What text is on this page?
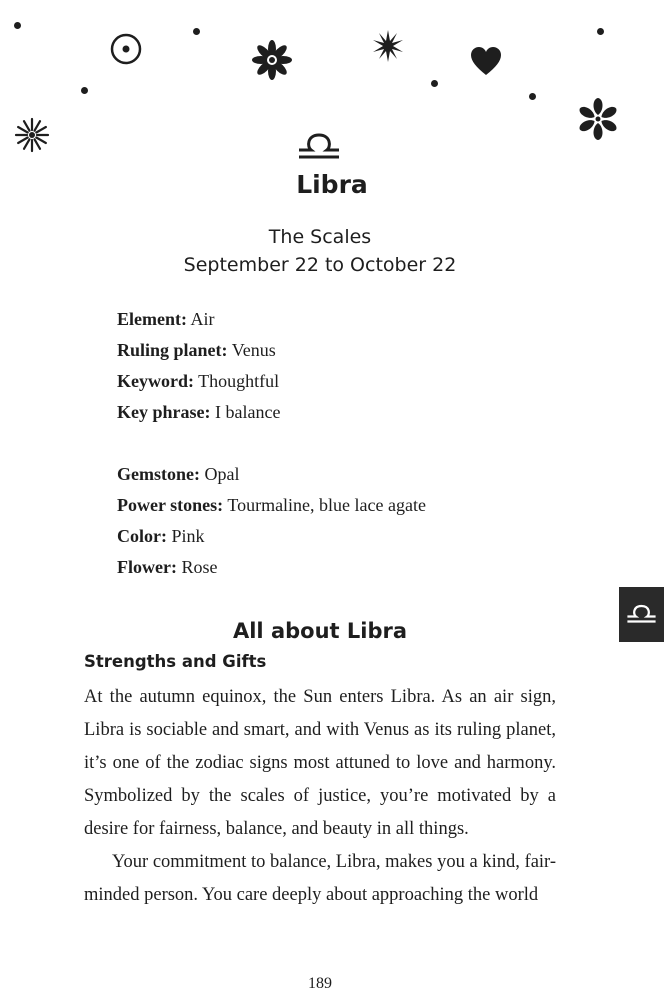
Libra
The Scales
September 22 to October 22
Element: Air
Ruling planet: Venus
Keyword: Thoughtful
Key phrase: I balance
Gemstone: Opal
Power stones: Tourmaline, blue lace agate
Color: Pink
Flower: Rose
All about Libra
Strengths and Gifts

At the autumn equinox, the Sun enters Libra. As an air sign, Libra is sociable and smart, and with Venus as its ruling planet, it’s one of the zodiac signs most attuned to love and harmony. Symbolized by the scales of justice, you’re motivated by a desire for fairness, balance, and beauty in all things.

Your commitment to balance, Libra, makes you a kind, fair-minded person. You care deeply about approaching the world

189
